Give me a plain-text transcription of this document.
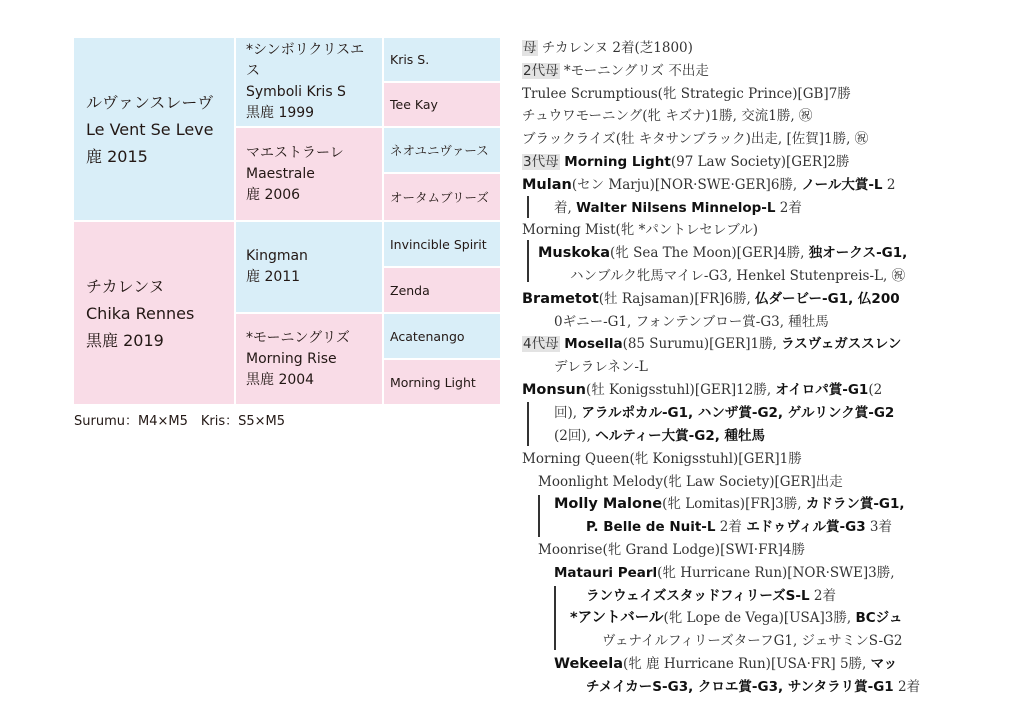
ルヴァンスレーヴ
Le Vent Se Leve
鹿 2015
*シンボリクリスエス
Symboli Kris S
黒鹿 1999
Kris S.
Tee Kay
マエストラーレ
Maestrale
鹿 2006
ネオユニヴァース
オータムブリーズ
チカレンヌ
Chika Rennes
黒鹿 2019
Kingman
鹿 2011
Invincible Spirit
Zenda
*モーニングリズ
Morning Rise
黒鹿 2004
Acatenango
Morning Light
Surumu：M4×M5　Kris：S5×M5
母 チカレンヌ 2着(芝1800)
2代母 *モーニングリズ 不出走
Trulee Scrumptious(牝 Strategic Prince)[GB]7勝
チュウワモーニング(牝 キズナ)1勝, 交流1勝, ㊗
ブラックライズ(牡 キタサンブラック)出走, [佐賀]1勝, ㊗
3代母 Morning Light(97 Law Society)[GER]2勝
Mulan(セン Marju)[NOR·SWE·GER]6勝, ノール大賞-L 2
着, Walter Nilsens Minnelop-L 2着
Morning Mist(牝 *パントレセレブル)
Muskoka(牝 Sea The Moon)[GER]4勝, 独オークス-G1,
ハンブルク牝馬マイレ-G3, Henkel Stutenpreis-L, ㊗
Brametot(牡 Rajsaman)[FR]6勝, 仏ダービー-G1, 仏200
0ギニー-G1, フォンテンブロー賞-G3, 種牡馬
4代母 Mosella(85 Surumu)[GER]1勝, ラスヴェガススレン
デレラレネン-L
Monsun(牡 Konigsstuhl)[GER]12勝, オイロパ賞-G1(2
回), アラルポカル-G1, ハンザ賞-G2, ゲルリンク賞-G2
(2回), ヘルティー大賞-G2, 種牡馬
Morning Queen(牝 Konigsstuhl)[GER]1勝
Moonlight Melody(牝 Law Society)[GER]出走
Molly Malone(牝 Lomitas)[FR]3勝, カドラン賞-G1,
P. Belle de Nuit-L 2着 エドゥヴィル賞-G3 3着
Moonrise(牝 Grand Lodge)[SWI·FR]4勝
Matauri Pearl(牝 Hurricane Run)[NOR·SWE]3勝,
ランウェイズスタッドフィリーズS-L 2着
*アントバール(牝 Lope de Vega)[USA]3勝, BCジュ
ヴェナイルフィリーズターフG1, ジェサミンS-G2
Wekeela(牝 鹿 Hurricane Run)[USA·FR] 5勝, マッ
チメイカーS-G3, クロエ賞-G3, サンタラリ賞-G1 2着
